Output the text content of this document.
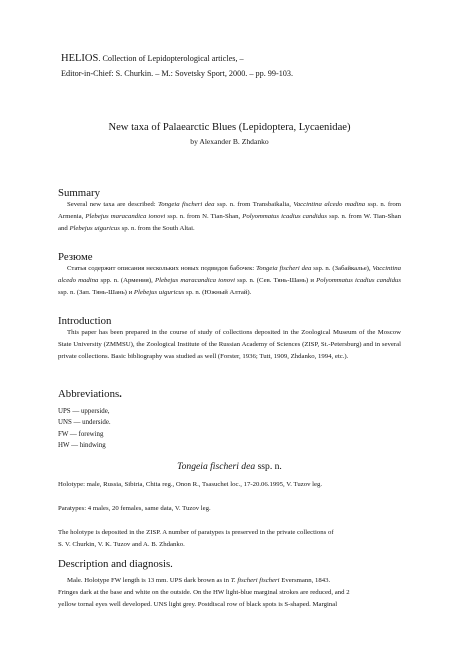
HELIOS. Collection of Lepidopterological articles, –
Editor-in-Chief: S. Churkin. – M.: Sovetsky Sport, 2000. – pp. 99-103.
New taxa of Palaearctic Blues (Lepidoptera, Lycaenidae)
by Alexander B. Zhdanko
Summary

Several new taxa are described: Tongeia fischeri dea ssp. n. from Transbaikalia, Vaccintina alcedo madina ssp. n. from Armenia, Plebejus maracandica ionovi ssp. n. from N. Tian-Shan, Polyommatus icadius candidus ssp. n. from W. Tian-Shan and Plebejus uiguricus sp. n. from the South Altai.

Резюме

Статья содержит описания нескольких новых подвидов бабочек: Tongeia fischeri dea ssp. n. (Забайкалье), Vaccintina alcedo madina spp. n. (Армения), Plebejus maracandica ionovi ssp. n. (Сев. Тянь-Шань) и Polyommatus icadius candidus ssp. n. (Зап. Тянь-Шань) и Plebejus uiguricus sp. n. (Южный Алтай).

Introduction

This paper has been prepared in the course of study of collections deposited in the Zoological Museum of the Moscow State University (ZMMSU), the Zoological Institute of the Russian Academy of Sciences (ZISP, St.-Petersburg) and in several private collections. Basic bibliography was studied as well (Forster, 1936; Tutt, 1909, Zhdanko, 1994, etc.).

Abbreviations.
UPS — upperside,
UNS — underside.
FW — forewing
HW — hindwing
Tongeia fischeri dea ssp. n.
Holotype: male, Russia, Sibiria, Chita reg., Onon R., Tsasuchei loc., 17-20.06.1995, V. Tuzov leg.
Paratypes: 4 males, 20 females, same data, V. Tuzov leg.
The holotype is deposited in the ZISP. A number of paratypes is preserved in the private collections of
S. V. Churkin, V. K. Tuzov and A. B. Zhdanko.
Description and diagnosis.
Male. Holotype FW length is 13 mm. UPS dark brown as in T. fischeri fischeri Eversmann, 1843.
Fringes dark at the base and white on the outside. On the HW light-blue marginal strokes are reduced, and 2
yellow tornal eyes well developed. UNS light grey. Postdiscal row of black spots is S-shaped. Marginal
